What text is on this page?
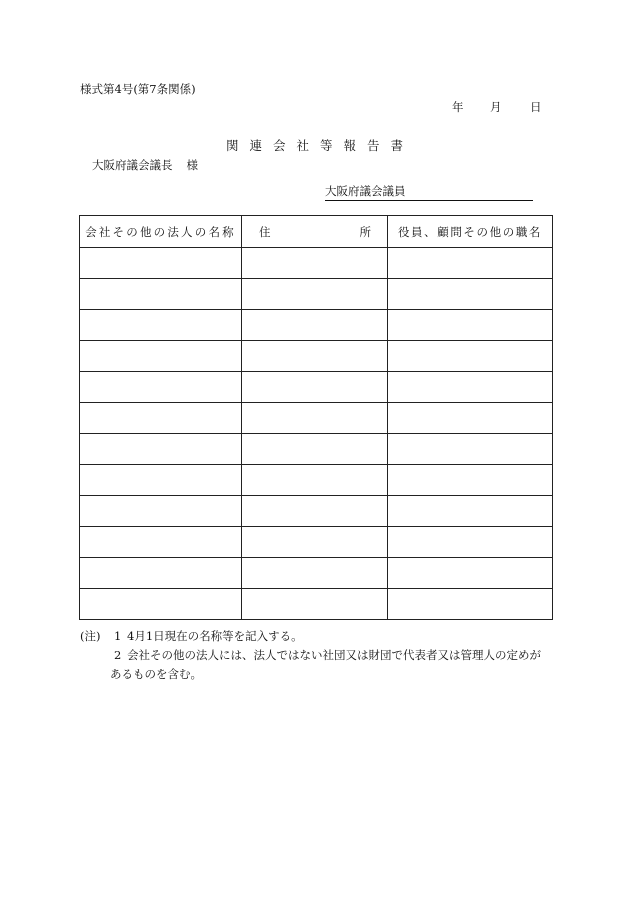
様式第4号(第7条関係)
年	月	日
関連会社等報告書
大阪府議会議長 様
大阪府議会議員
会社その他の法人の名称	住 所	役員、顧問その他の職名

(注)	1 4月1日現在の名称等を記入する。
2 会社その他の法人には、法人ではない社団又は財団で代表者又は管理人の定めが
あるものを含む。
